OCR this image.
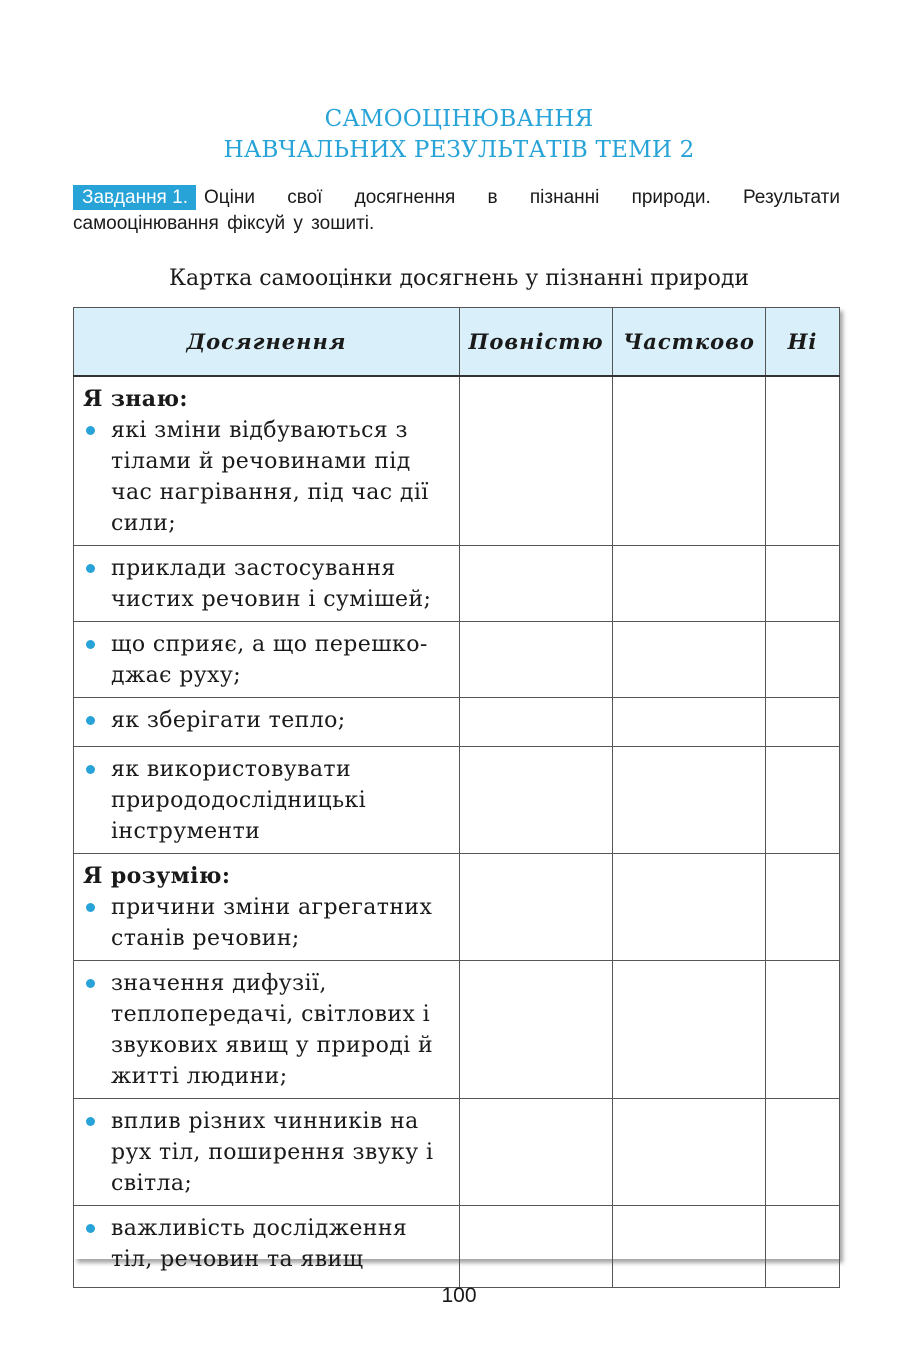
САМООЦІНЮВАННЯ
НАВЧАЛЬНИХ РЕЗУЛЬТАТІВ ТЕМИ 2
Завдання 1. Оціни свої досягнення в пізнанні природи. Результати самооцінювання фіксуй у зошиті.
Картка самооцінки досягнень у пізнанні природи
Досягнення	Повністю	Частково	Ні

Я знаю:
які зміни відбуваються з тілами й речовинами під час нагрівання, під час дії сили;			

приклади застосування чистих речовин і сумішей;			

що сприяє, а що перешко-джає руху;			

як зберігати тепло;			

як використовувати природодослідницькі інструменти			

Я розумію:
причини зміни агрегатних станів речовин;			

значення дифузії, теплопередачі, світлових і звукових явищ у природі й житті людини;			

вплив різних чинників на рух тіл, поширення звуку і світла;			

важливість дослідження тіл, речовин та явищ			

100
